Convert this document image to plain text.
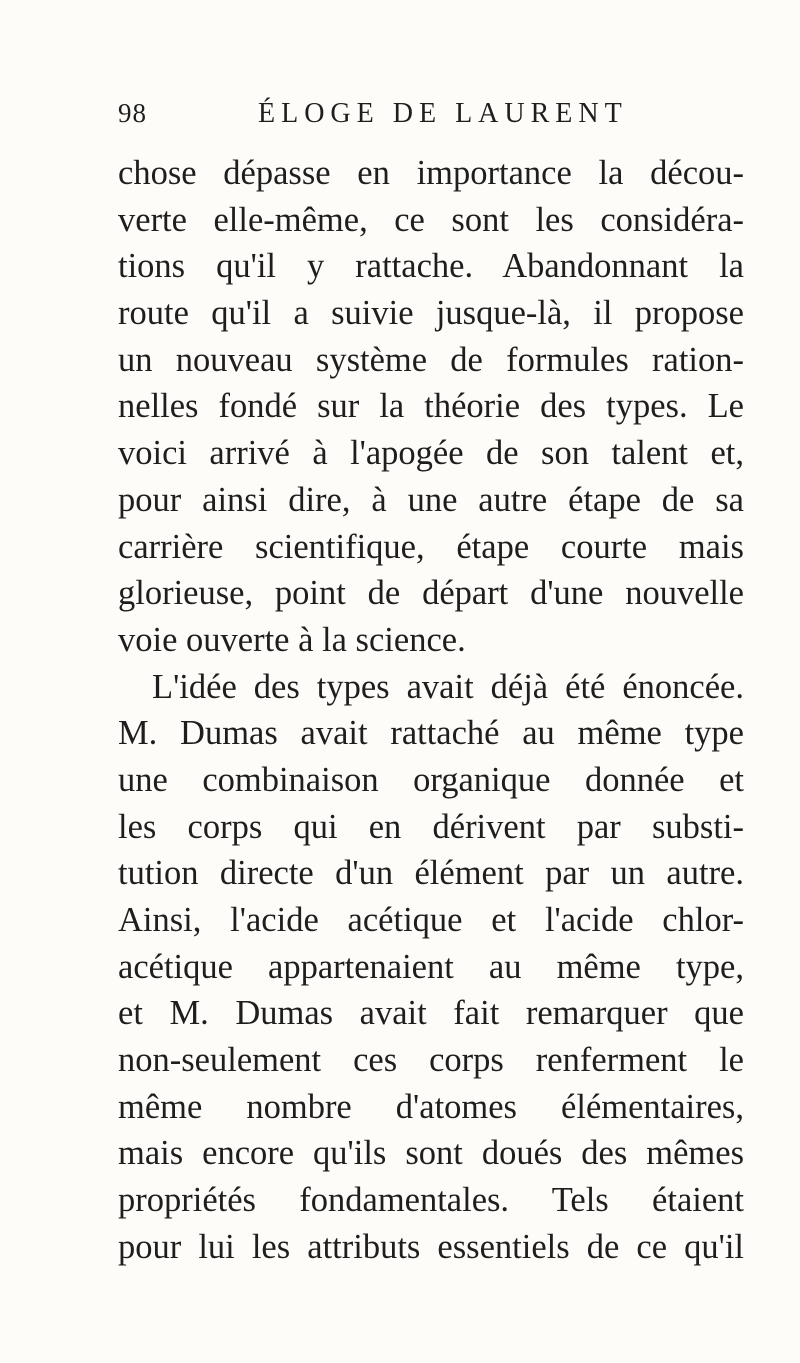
98	ÉLOGE DE LAURENT
chose dépasse en importance la décou-
verte elle-même, ce sont les considéra-
tions qu'il y rattache. Abandonnant la
route qu'il a suivie jusque-là, il propose
un nouveau système de formules ration-
nelles fondé sur la théorie des types. Le
voici arrivé à l'apogée de son talent et,
pour ainsi dire, à une autre étape de sa
carrière scientifique, étape courte mais
glorieuse, point de départ d'une nouvelle
voie ouverte à la science.
L'idée des types avait déjà été énoncée.
M. Dumas avait rattaché au même type
une combinaison organique donnée et
les corps qui en dérivent par substi-
tution directe d'un élément par un autre.
Ainsi, l'acide acétique et l'acide chlor-
acétique appartenaient au même type,
et M. Dumas avait fait remarquer que
non-seulement ces corps renferment le
même nombre d'atomes élémentaires,
mais encore qu'ils sont doués des mêmes
propriétés fondamentales. Tels étaient
pour lui les attributs essentiels de ce qu'il
